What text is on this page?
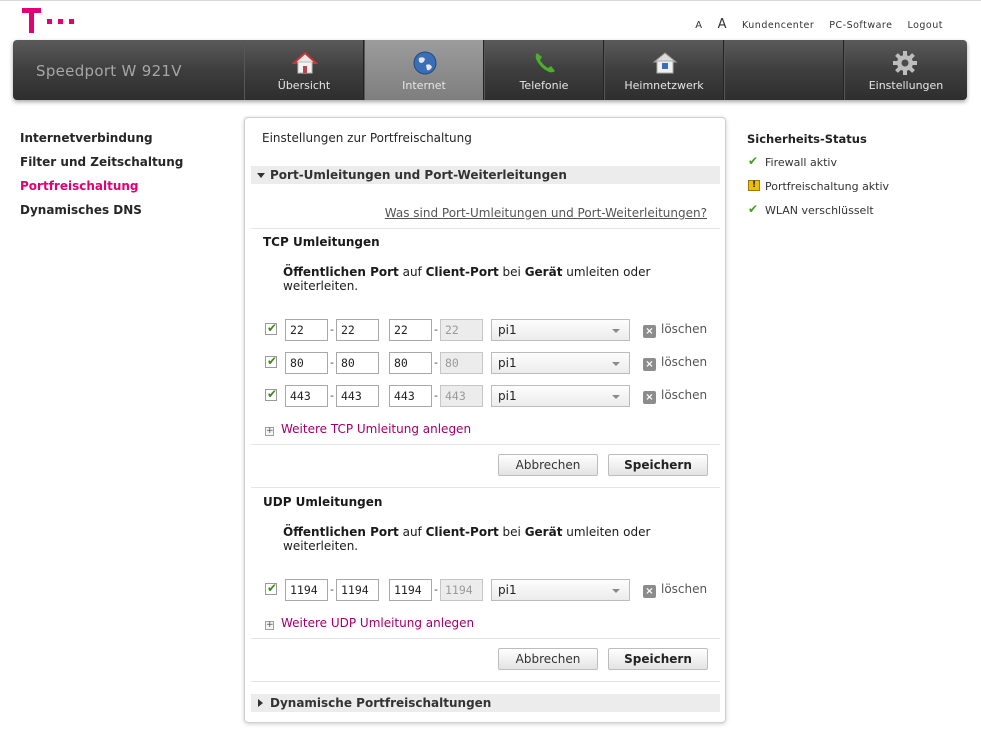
A A Kundencenter PC-Software Logout
Speedport W 921V
Übersicht	Internet	Telefonie	Heimnetzwerk	Einstellungen
Internetverbindung
Filter und Zeitschaltung
Portfreischaltung
Dynamisches DNS
Einstellungen zur Portfreischaltung
Port-Umleitungen und Port-Weiterleitungen
Was sind Port-Umleitungen und Port-Weiterleitungen?
TCP Umleitungen
Öffentlichen Port auf Client-Port bei Gerät umleiten oder weiterleiten.
✔	22	- 22	22	- 22	pi1	× löschen
✔	80	- 80	80	- 80	pi1	× löschen
✔	443	- 443	443	- 443	pi1	× löschen
+ Weitere TCP Umleitung anlegen
Abbrechen	Speichern
UDP Umleitungen
Öffentlichen Port auf Client-Port bei Gerät umleiten oder weiterleiten.
✔	1194	- 1194	1194	- 1194	pi1	× löschen
+ Weitere UDP Umleitung anlegen
Abbrechen	Speichern
Dynamische Portfreischaltungen
Sicherheits-Status
✔ Firewall aktiv
! Portfreischaltung aktiv
✔ WLAN verschlüsselt
